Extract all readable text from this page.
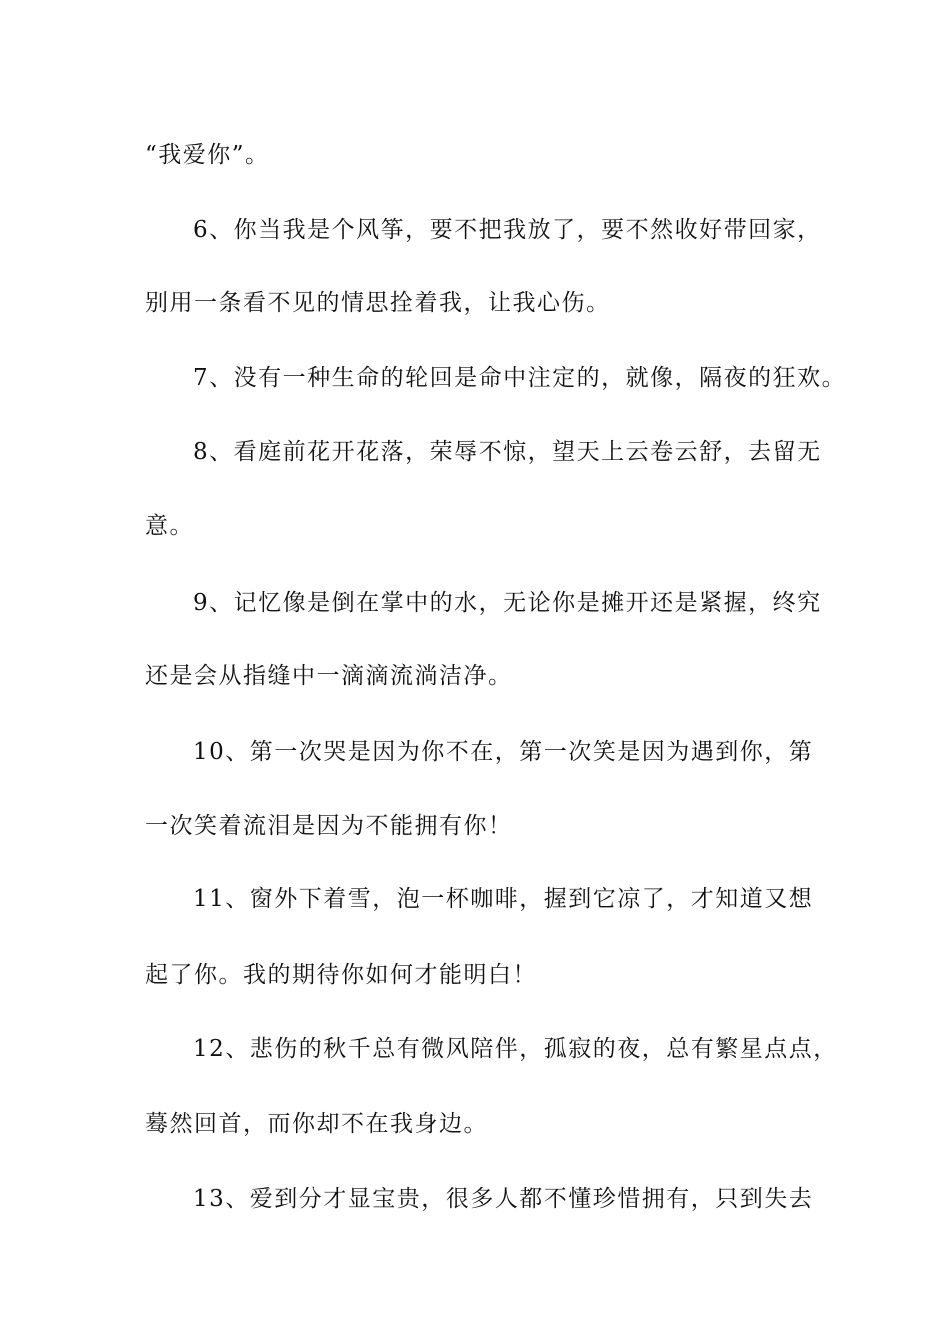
“我爱你”。
6、你当我是个风筝，要不把我放了，要不然收好带回家，
别用一条看不见的情思拴着我，让我心伤。
7、没有一种生命的轮回是命中注定的，就像，隔夜的狂欢。
8、看庭前花开花落，荣辱不惊，望天上云卷云舒，去留无
意。
9、记忆像是倒在掌中的水，无论你是摊开还是紧握，终究
还是会从指缝中一滴滴流淌洁净。
10、第一次哭是因为你不在，第一次笑是因为遇到你，第
一次笑着流泪是因为不能拥有你！
11、窗外下着雪，泡一杯咖啡，握到它凉了，才知道又想
起了你。我的期待你如何才能明白！
12、悲伤的秋千总有微风陪伴，孤寂的夜，总有繁星点点，
蓦然回首，而你却不在我身边。
13、爱到分才显宝贵，很多人都不懂珍惜拥有，只到失去
